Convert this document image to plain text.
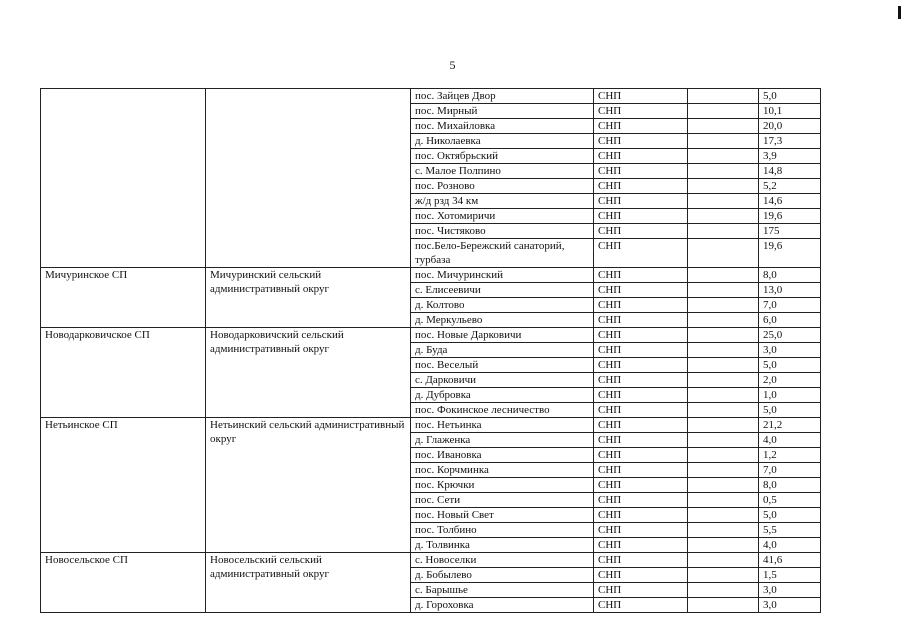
5
		пос. Зайцев Двор	СНП		5,0
		пос. Мирный	СНП		10,1
		пос. Михайловка	СНП		20,0
		д. Николаевка	СНП		17,3
		пос. Октябрьский	СНП		3,9
		с. Малое Полпино	СНП		14,8
		пос. Розново	СНП		5,2
		ж/д рзд 34 км	СНП		14,6
		пос. Хотомиричи	СНП		19,6
		пос. Чистяково	СНП		175
		пос.Бело-Бережский санаторий, турбаза	СНП		19,6
Мичуринское СП	Мичуринский сельский административный округ	пос. Мичуринский	СНП		8,0
		с. Елисеевичи	СНП		13,0
		д. Колтово	СНП		7,0
		д. Меркульево	СНП		6,0
Новодарковичское СП	Новодарковичский сельский административный округ	пос. Новые Дарковичи	СНП		25,0
		д. Буда	СНП		3,0
		пос. Веселый	СНП		5,0
		с. Дарковичи	СНП		2,0
		д. Дубровка	СНП		1,0
		пос. Фокинское лесничество	СНП		5,0
Нетьинское СП	Нетьинский сельский административный округ	пос. Нетьинка	СНП		21,2
		д. Глаженка	СНП		4,0
		пос. Ивановка	СНП		1,2
		пос. Корчминка	СНП		7,0
		пос. Крючки	СНП		8,0
		пос. Сети	СНП		0,5
		пос. Новый Свет	СНП		5,0
		пос. Толбино	СНП		5,5
		д. Толвинка	СНП		4,0
Новосельское СП	Новосельский сельский административный округ	с. Новоселки	СНП		41,6
		д. Бобылево	СНП		1,5
		с. Барышье	СНП		3,0
		д. Гороховка	СНП		3,0
